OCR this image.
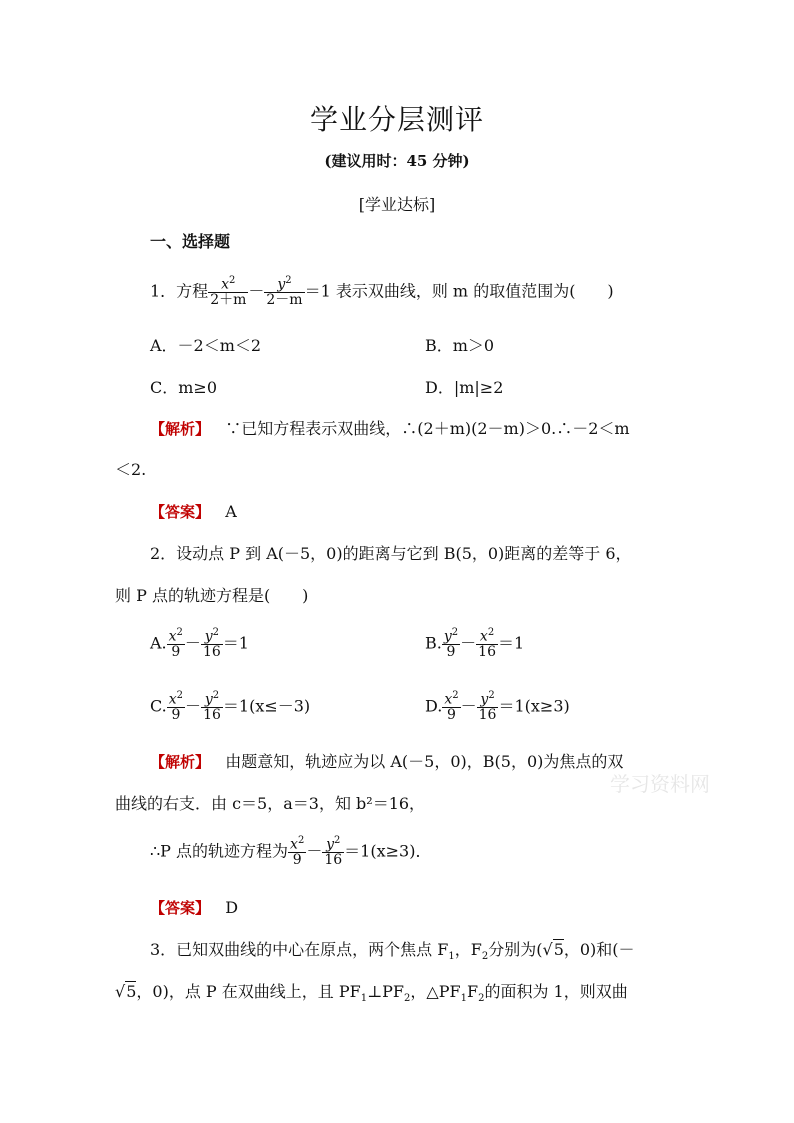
学业分层测评
(建议用时：45 分钟)
[学业达标]
一、选择题
1．方程 $\frac{x^2}{2+m} - \frac{y^2}{2-m} =1$ 表示双曲线，则 m 的取值范围为(　　)
A．－2＜m＜2	B．m＞0
C．m≥0	D．|m|≥2
【解析】 ∵已知方程表示双曲线，∴(2＋m)(2－m)＞0.∴－2＜m
＜2.
【答案】 A
2．设动点 P 到 A(－5，0)的距离与它到 B(5，0)距离的差等于 6，
则 P 点的轨迹方程是(　　)
A. $\frac{x^2}{9} - \frac{y^2}{16} =1$	B. $\frac{y^2}{9} - \frac{x^2}{16} =1$
C. $\frac{x^2}{9} - \frac{y^2}{16} =1(x\le-3)$	D. $\frac{x^2}{9} - \frac{y^2}{16} =1(x\ge 3)$
【解析】 由题意知，轨迹应为以 A(－5，0)，B(5，0)为焦点的双
曲线的右支．由 c＝5，a＝3，知 b²＝16，
∴P 点的轨迹方程为 $\frac{x^2}{9} - \frac{y^2}{16} =1(x\ge 3)$．
【答案】 D
3．已知双曲线的中心在原点，两个焦点 $F_1$，$F_2$分别为(√5，0)和(－
√5，0)，点 P 在双曲线上，且 $PF_1\perp PF_2$，$\triangle PF_1F_2$的面积为 1，则双曲
学习资料网
